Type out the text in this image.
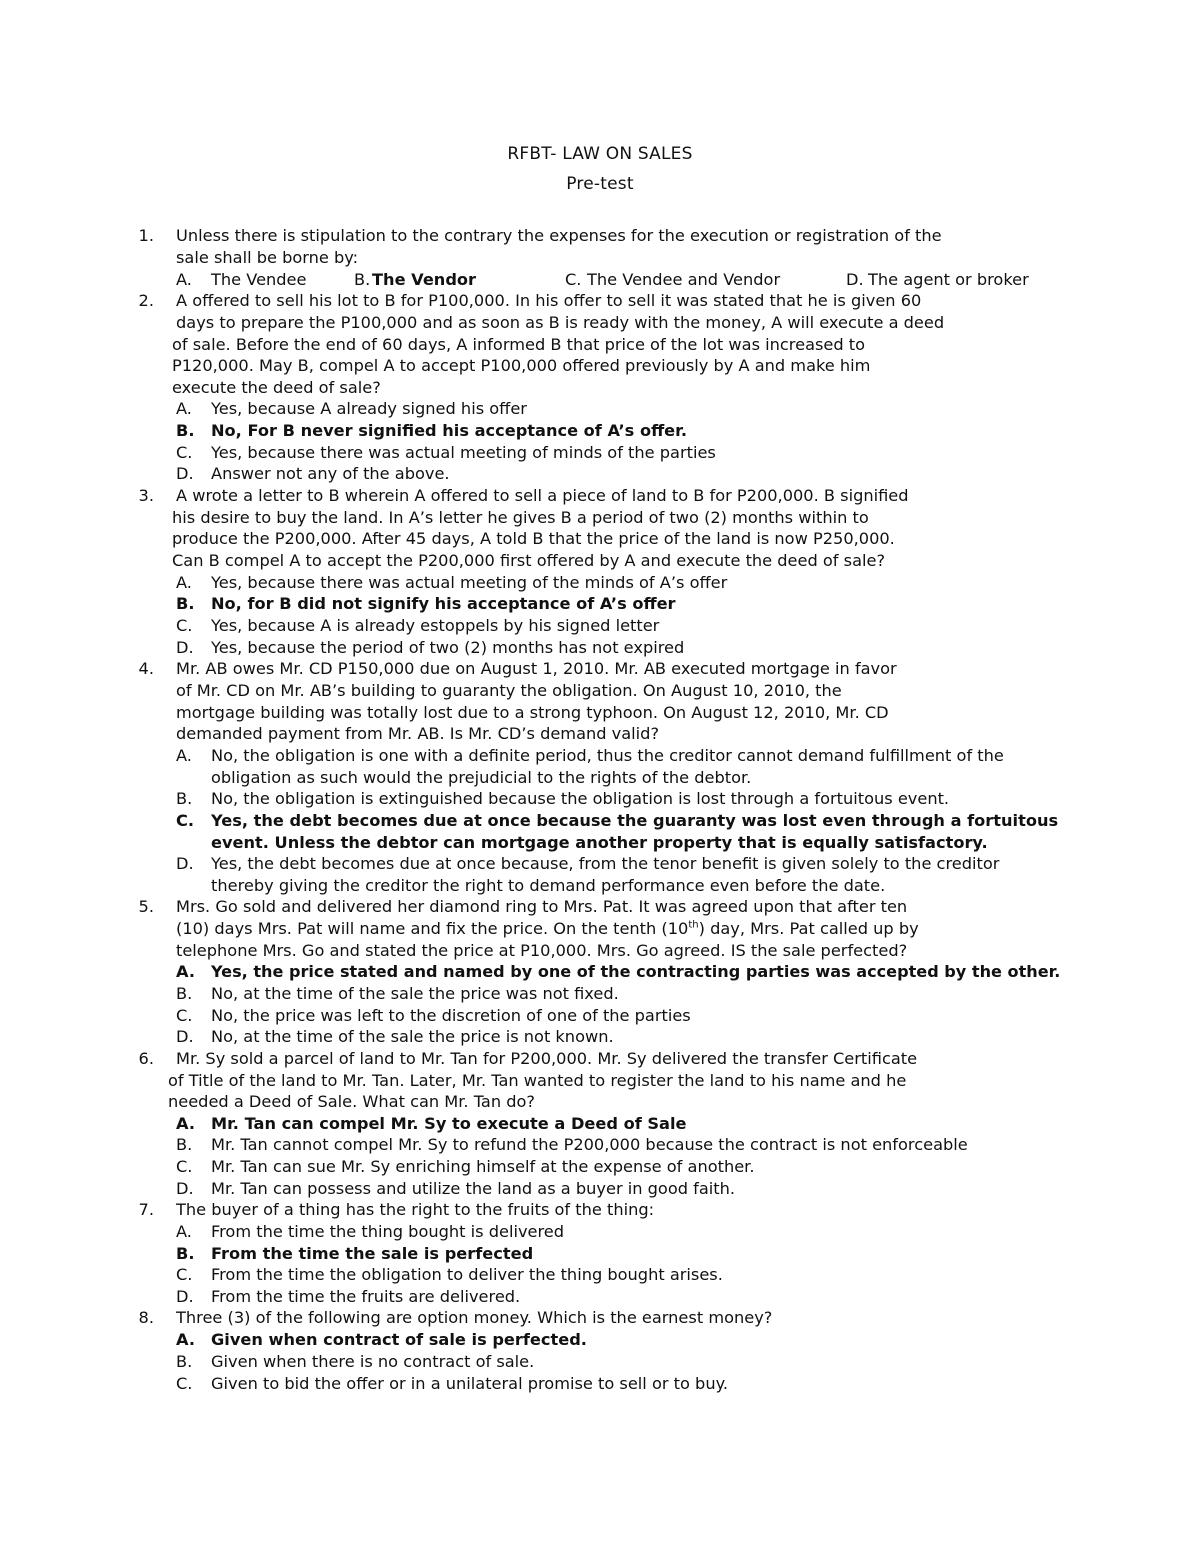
RFBT- LAW ON SALES
Pre-test
1. Unless there is stipulation to the contrary the expenses for the execution or registration of the
sale shall be borne by:
A. The Vendee	B. The Vendor	C. The Vendee and Vendor	D. The agent or broker
2. A offered to sell his lot to B for P100,000. In his offer to sell it was stated that he is given 60
days to prepare the P100,000 and as soon as B is ready with the money, A will execute a deed
of sale. Before the end of 60 days, A informed B that price of the lot was increased to
P120,000. May B, compel A to accept P100,000 offered previously by A and make him
execute the deed of sale?
A. Yes, because A already signed his offer
B. No, For B never signified his acceptance of A’s offer.
C. Yes, because there was actual meeting of minds of the parties
D. Answer not any of the above.
3. A wrote a letter to B wherein A offered to sell a piece of land to B for P200,000. B signified
his desire to buy the land. In A’s letter he gives B a period of two (2) months within to
produce the P200,000. After 45 days, A told B that the price of the land is now P250,000.
Can B compel A to accept the P200,000 first offered by A and execute the deed of sale?
A. Yes, because there was actual meeting of the minds of A’s offer
B. No, for B did not signify his acceptance of A’s offer
C. Yes, because A is already estoppels by his signed letter
D. Yes, because the period of two (2) months has not expired
4. Mr. AB owes Mr. CD P150,000 due on August 1, 2010. Mr. AB executed mortgage in favor
of Mr. CD on Mr. AB’s building to guaranty the obligation. On August 10, 2010, the
mortgage building was totally lost due to a strong typhoon. On August 12, 2010, Mr. CD
demanded payment from Mr. AB. Is Mr. CD’s demand valid?
A. No, the obligation is one with a definite period, thus the creditor cannot demand fulfillment of the
obligation as such would the prejudicial to the rights of the debtor.
B. No, the obligation is extinguished because the obligation is lost through a fortuitous event.
C. Yes, the debt becomes due at once because the guaranty was lost even through a fortuitous
event. Unless the debtor can mortgage another property that is equally satisfactory.
D. Yes, the debt becomes due at once because, from the tenor benefit is given solely to the creditor
thereby giving the creditor the right to demand performance even before the date.
5. Mrs. Go sold and delivered her diamond ring to Mrs. Pat. It was agreed upon that after ten
(10) days Mrs. Pat will name and fix the price. On the tenth (10th) day, Mrs. Pat called up by
telephone Mrs. Go and stated the price at P10,000. Mrs. Go agreed. IS the sale perfected?
A. Yes, the price stated and named by one of the contracting parties was accepted by the other.
B. No, at the time of the sale the price was not fixed.
C. No, the price was left to the discretion of one of the parties
D. No, at the time of the sale the price is not known.
6. Mr. Sy sold a parcel of land to Mr. Tan for P200,000. Mr. Sy delivered the transfer Certificate
of Title of the land to Mr. Tan. Later, Mr. Tan wanted to register the land to his name and he
needed a Deed of Sale. What can Mr. Tan do?
A. Mr. Tan can compel Mr. Sy to execute a Deed of Sale
B. Mr. Tan cannot compel Mr. Sy to refund the P200,000 because the contract is not enforceable
C. Mr. Tan can sue Mr. Sy enriching himself at the expense of another.
D. Mr. Tan can possess and utilize the land as a buyer in good faith.
7. The buyer of a thing has the right to the fruits of the thing:
A. From the time the thing bought is delivered
B. From the time the sale is perfected
C. From the time the obligation to deliver the thing bought arises.
D. From the time the fruits are delivered.
8. Three (3) of the following are option money. Which is the earnest money?
A. Given when contract of sale is perfected.
B. Given when there is no contract of sale.
C. Given to bid the offer or in a unilateral promise to sell or to buy.
